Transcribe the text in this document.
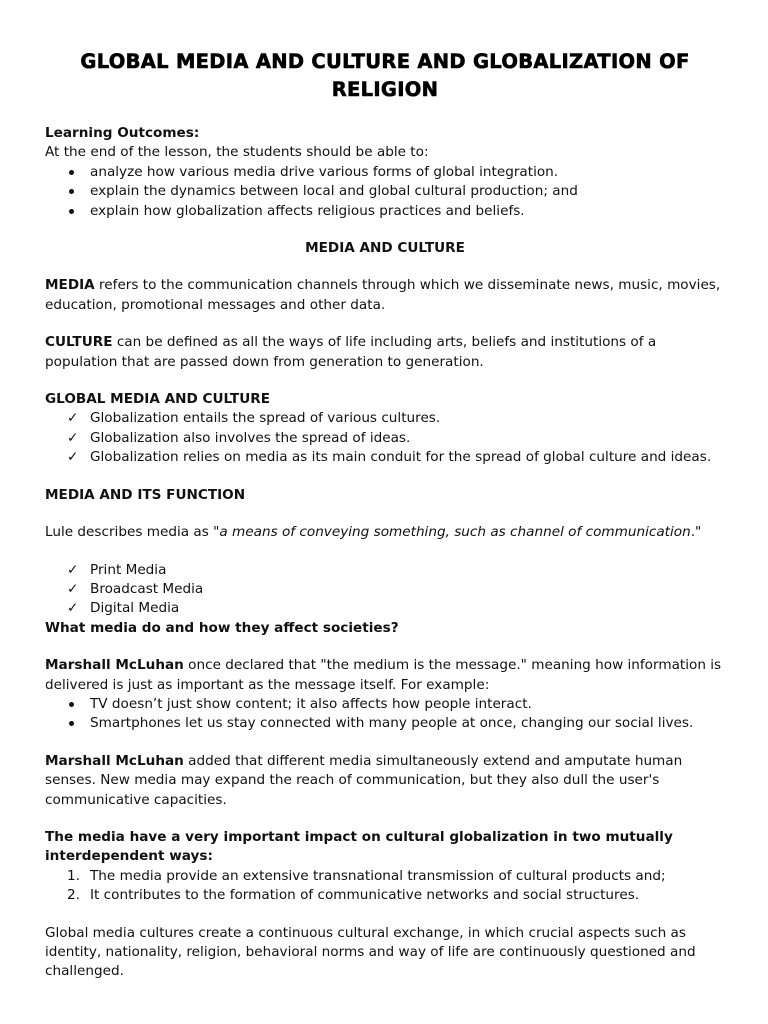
GLOBAL MEDIA AND CULTURE AND GLOBALIZATION OF RELIGION

Learning Outcomes:

At the end of the lesson, the students should be able to:

analyze how various media drive various forms of global integration.
explain the dynamics between local and global cultural production; and
explain how globalization affects religious practices and beliefs.

MEDIA AND CULTURE

MEDIA refers to the communication channels through which we disseminate news, music, movies, education, promotional messages and other data.

CULTURE can be defined as all the ways of life including arts, beliefs and institutions of a population that are passed down from generation to generation.

GLOBAL MEDIA AND CULTURE

✓ Globalization entails the spread of various cultures.
✓ Globalization also involves the spread of ideas.
✓ Globalization relies on media as its main conduit for the spread of global culture and ideas.

MEDIA AND ITS FUNCTION

Lule describes media as "a means of conveying something, such as channel of communication."

✓ Print Media
✓ Broadcast Media
✓ Digital Media

What media do and how they affect societies?

Marshall McLuhan once declared that "the medium is the message." meaning how information is delivered is just as important as the message itself. For example:

TV doesn’t just show content; it also affects how people interact.
Smartphones let us stay connected with many people at once, changing our social lives.

Marshall McLuhan added that different media simultaneously extend and amputate human senses. New media may expand the reach of communication, but they also dull the user's communicative capacities.

The media have a very important impact on cultural globalization in two mutually interdependent ways:

1. The media provide an extensive transnational transmission of cultural products and;
2. It contributes to the formation of communicative networks and social structures.

Global media cultures create a continuous cultural exchange, in which crucial aspects such as identity, nationality, religion, behavioral norms and way of life are continuously questioned and challenged.
